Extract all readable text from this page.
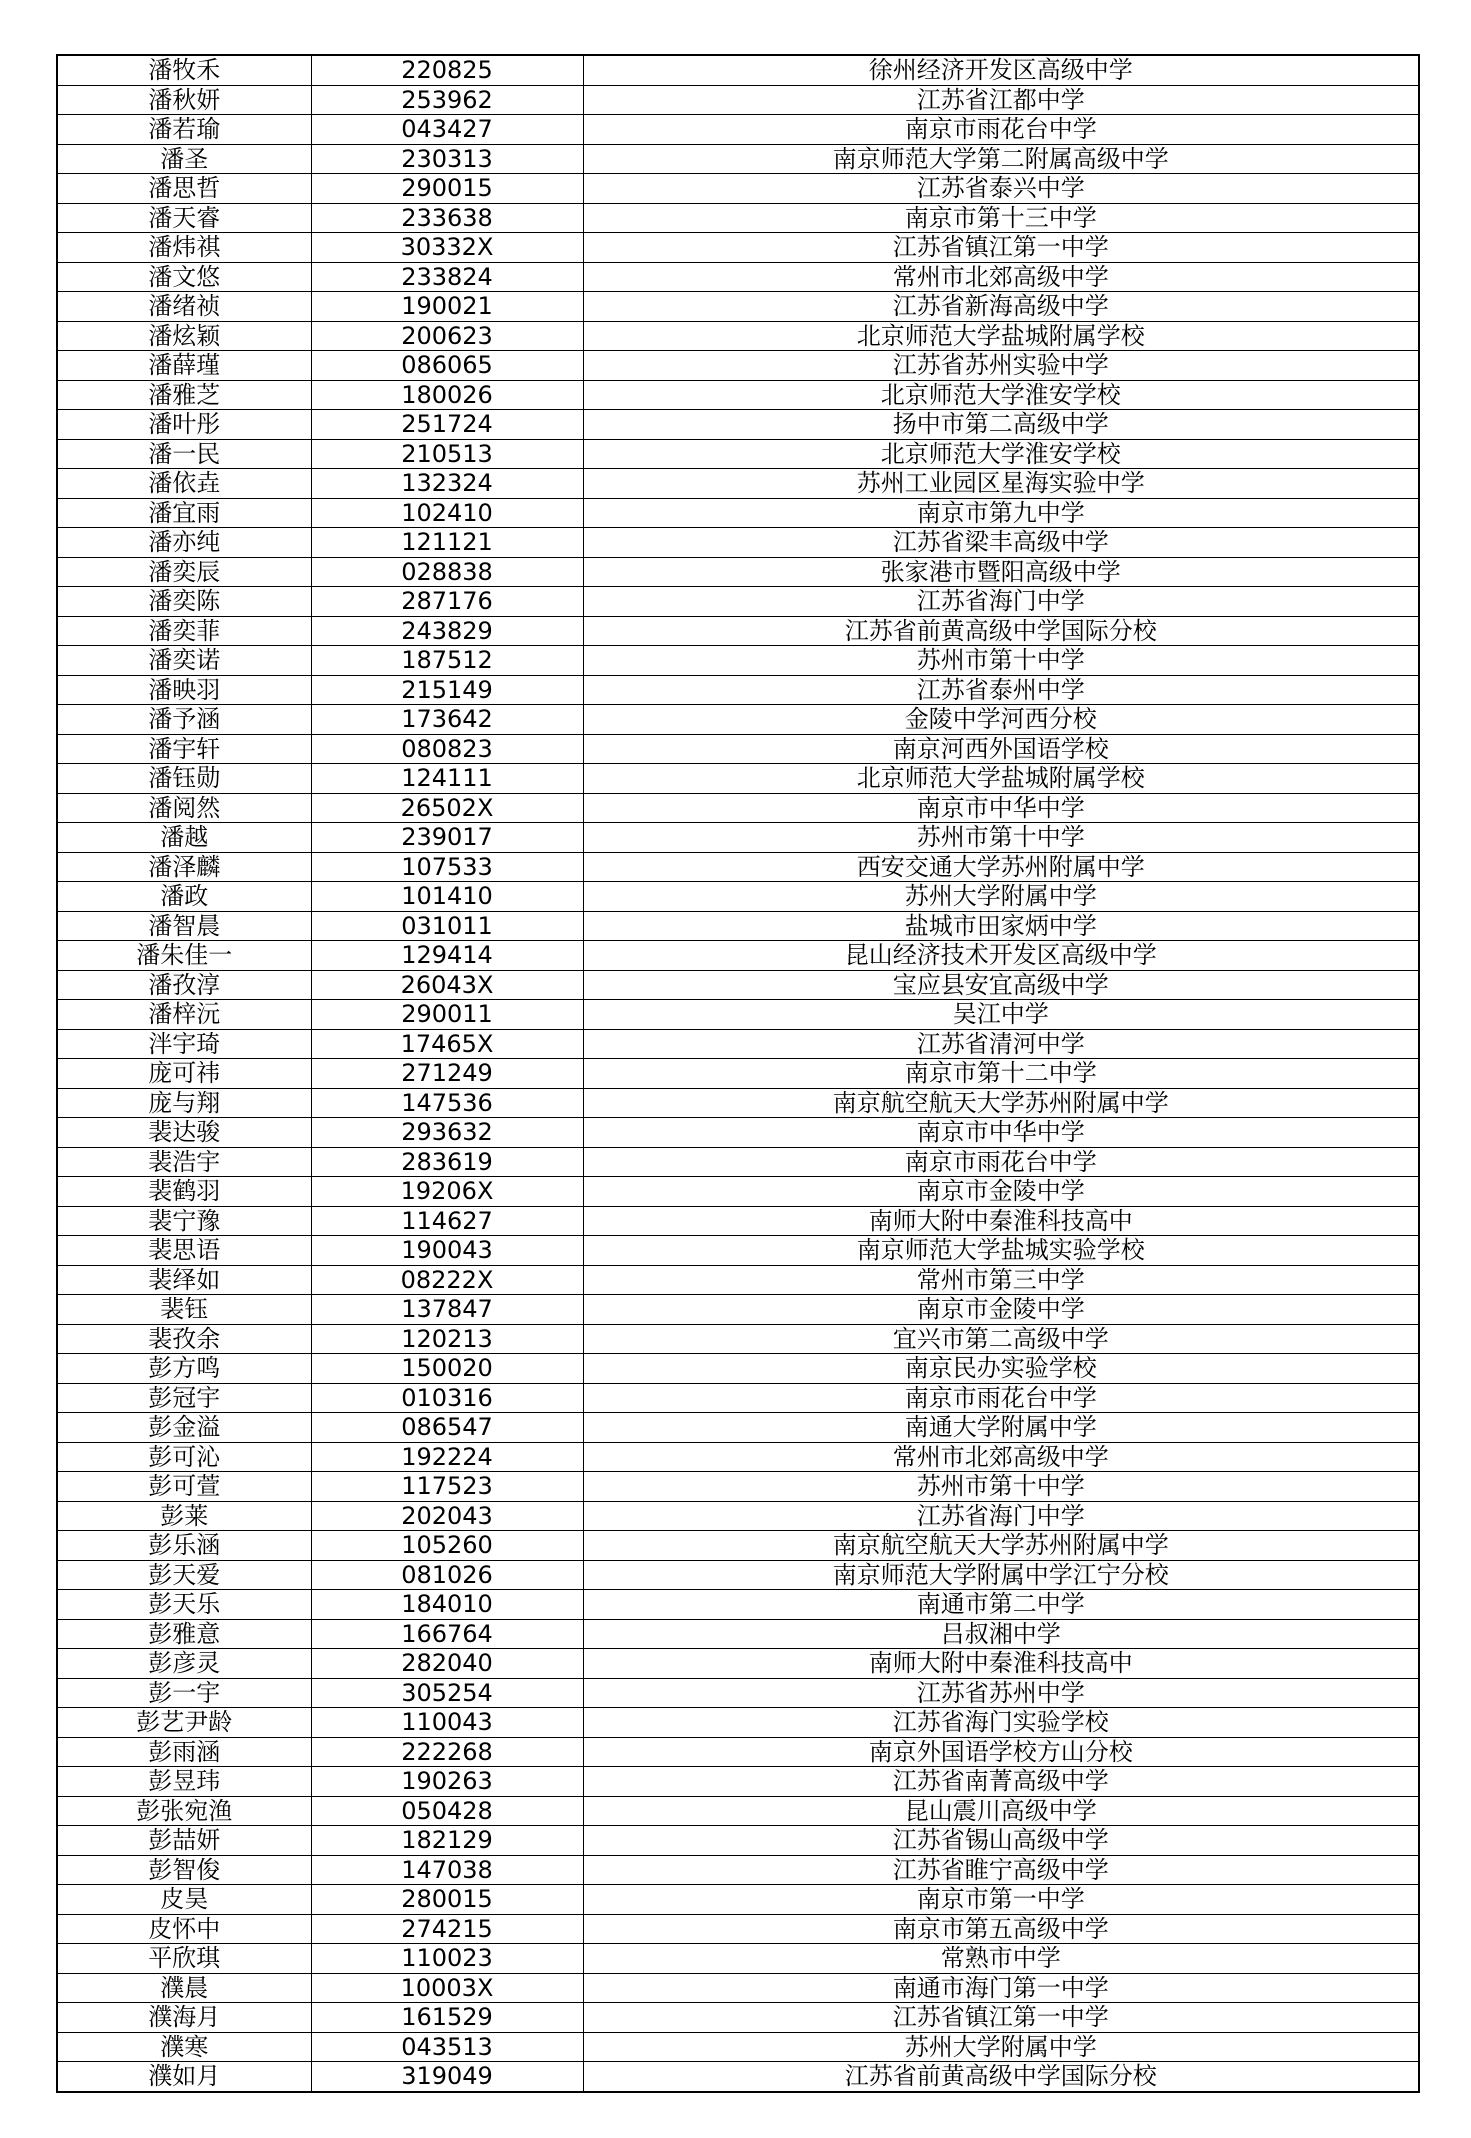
潘牧禾	220825	徐州经济开发区高级中学
潘秋妍	253962	江苏省江都中学
潘若瑜	043427	南京市雨花台中学
潘圣	230313	南京师范大学第二附属高级中学
潘思哲	290015	江苏省泰兴中学
潘天睿	233638	南京市第十三中学
潘炜祺	30332X	江苏省镇江第一中学
潘文悠	233824	常州市北郊高级中学
潘绪祯	190021	江苏省新海高级中学
潘炫颖	200623	北京师范大学盐城附属学校
潘薛瑾	086065	江苏省苏州实验中学
潘雅芝	180026	北京师范大学淮安学校
潘叶彤	251724	扬中市第二高级中学
潘一民	210513	北京师范大学淮安学校
潘依垚	132324	苏州工业园区星海实验中学
潘宜雨	102410	南京市第九中学
潘亦纯	121121	江苏省梁丰高级中学
潘奕辰	028838	张家港市暨阳高级中学
潘奕陈	287176	江苏省海门中学
潘奕菲	243829	江苏省前黄高级中学国际分校
潘奕诺	187512	苏州市第十中学
潘映羽	215149	江苏省泰州中学
潘予涵	173642	金陵中学河西分校
潘宇轩	080823	南京河西外国语学校
潘钰勋	124111	北京师范大学盐城附属学校
潘阅然	26502X	南京市中华中学
潘越	239017	苏州市第十中学
潘泽麟	107533	西安交通大学苏州附属中学
潘政	101410	苏州大学附属中学
潘智晨	031011	盐城市田家炳中学
潘朱佳一	129414	昆山经济技术开发区高级中学
潘孜淳	26043X	宝应县安宜高级中学
潘梓沅	290011	吴江中学
泮宇琦	17465X	江苏省清河中学
庞可祎	271249	南京市第十二中学
庞与翔	147536	南京航空航天大学苏州附属中学
裴达骏	293632	南京市中华中学
裴浩宇	283619	南京市雨花台中学
裴鹤羽	19206X	南京市金陵中学
裴宁豫	114627	南师大附中秦淮科技高中
裴思语	190043	南京师范大学盐城实验学校
裴绎如	08222X	常州市第三中学
裴钰	137847	南京市金陵中学
裴孜余	120213	宜兴市第二高级中学
彭方鸣	150020	南京民办实验学校
彭冠宇	010316	南京市雨花台中学
彭金溢	086547	南通大学附属中学
彭可沁	192224	常州市北郊高级中学
彭可萱	117523	苏州市第十中学
彭莱	202043	江苏省海门中学
彭乐涵	105260	南京航空航天大学苏州附属中学
彭天爱	081026	南京师范大学附属中学江宁分校
彭天乐	184010	南通市第二中学
彭雅意	166764	吕叔湘中学
彭彦灵	282040	南师大附中秦淮科技高中
彭一宇	305254	江苏省苏州中学
彭艺尹龄	110043	江苏省海门实验学校
彭雨涵	222268	南京外国语学校方山分校
彭昱玮	190263	江苏省南菁高级中学
彭张宛渔	050428	昆山震川高级中学
彭喆妍	182129	江苏省锡山高级中学
彭智俊	147038	江苏省睢宁高级中学
皮昊	280015	南京市第一中学
皮怀中	274215	南京市第五高级中学
平欣琪	110023	常熟市中学
濮晨	10003X	南通市海门第一中学
濮海月	161529	江苏省镇江第一中学
濮寒	043513	苏州大学附属中学
濮如月	319049	江苏省前黄高级中学国际分校
